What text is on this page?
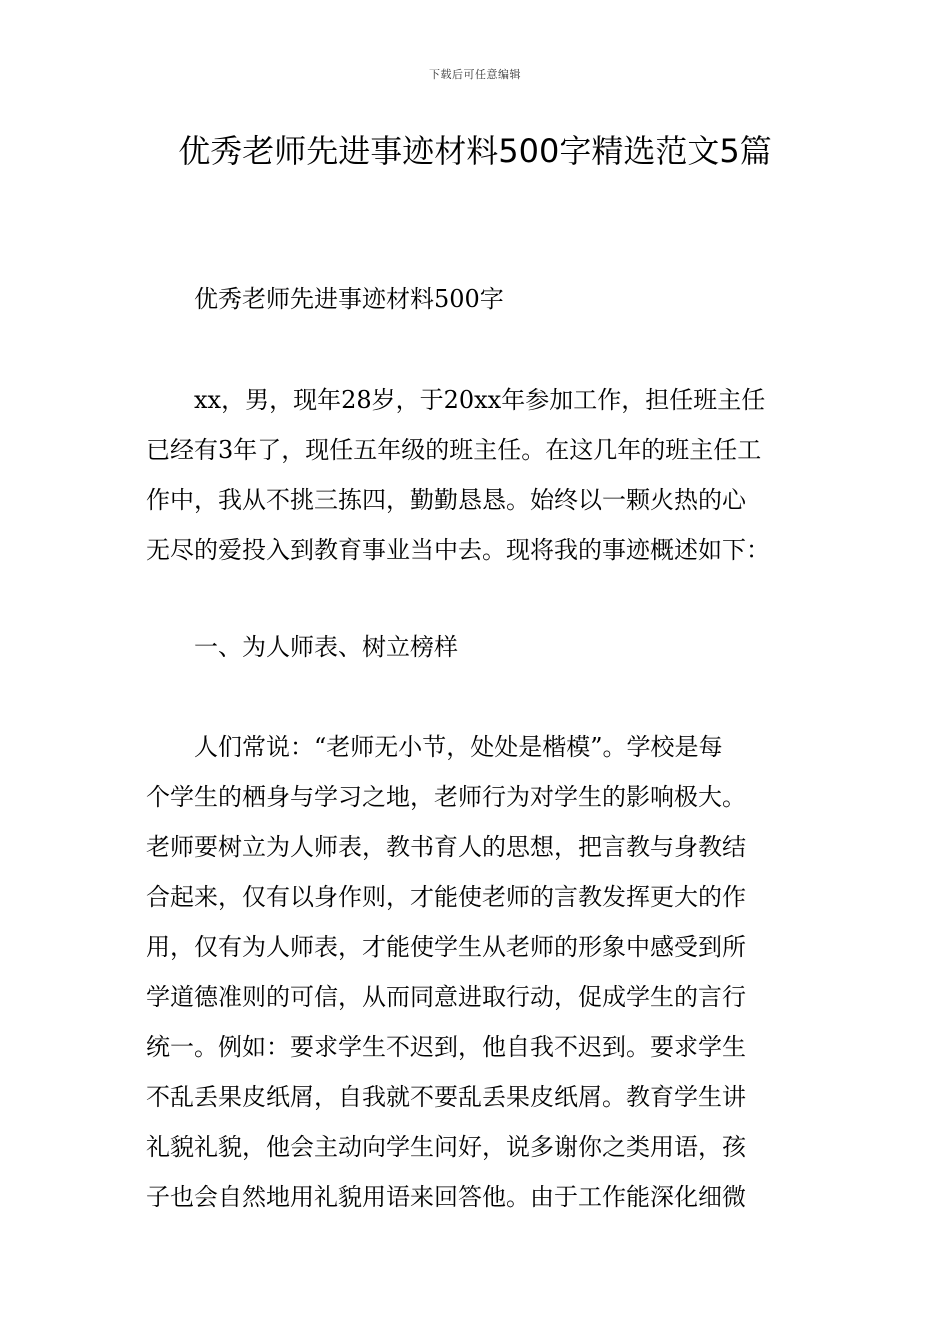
下载后可任意编辑
优秀老师先进事迹材料500字精选范文5篇

优秀老师先进事迹材料500字

xx，男，现年28岁，于20xx年参加工作，担任班主任
已经有3年了，现任五年级的班主任。在这几年的班主任工
作中，我从不挑三拣四，勤勤恳恳。始终以一颗火热的心
无尽的爱投入到教育事业当中去。现将我的事迹概述如下：

一、为人师表、树立榜样

人们常说：“老师无小节，处处是楷模”。学校是每
个学生的栖身与学习之地，老师行为对学生的影响极大。
老师要树立为人师表，教书育人的思想，把言教与身教结
合起来，仅有以身作则，才能使老师的言教发挥更大的作
用，仅有为人师表，才能使学生从老师的形象中感受到所
学道德准则的可信，从而同意进取行动，促成学生的言行
统一。例如：要求学生不迟到，他自我不迟到。要求学生
不乱丢果皮纸屑，自我就不要乱丢果皮纸屑。教育学生讲
礼貌礼貌，他会主动向学生问好，说多谢你之类用语，孩
子也会自然地用礼貌用语来回答他。由于工作能深化细微
